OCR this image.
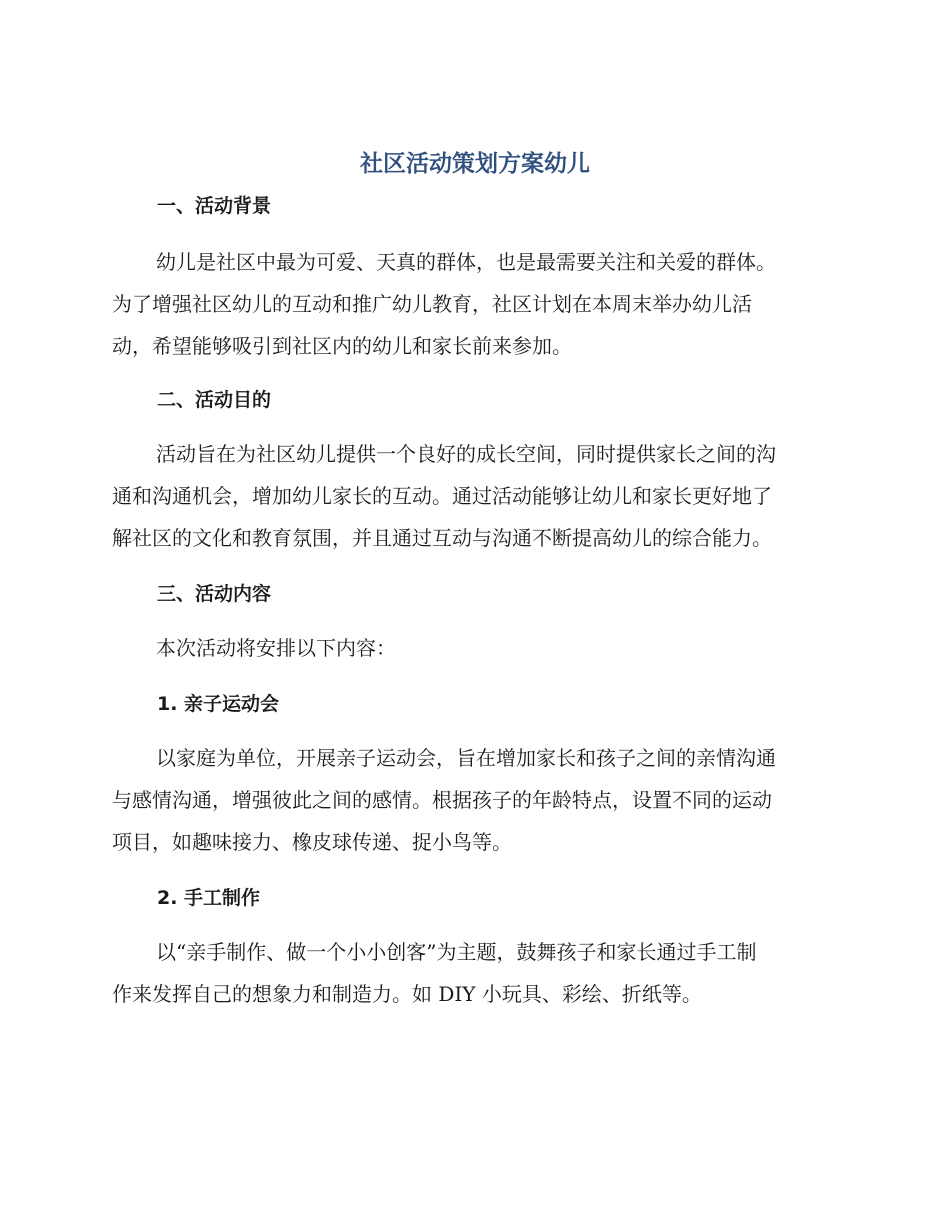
社区活动策划方案幼儿
一、活动背景

幼儿是社区中最为可爱、天真的群体，也是最需要关注和关爱的群体。
为了增强社区幼儿的互动和推广幼儿教育，社区计划在本周末举办幼儿活
动，希望能够吸引到社区内的幼儿和家长前来参加。

二、活动目的

活动旨在为社区幼儿提供一个良好的成长空间，同时提供家长之间的沟
通和沟通机会，增加幼儿家长的互动。通过活动能够让幼儿和家长更好地了
解社区的文化和教育氛围，并且通过互动与沟通不断提高幼儿的综合能力。

三、活动内容

本次活动将安排以下内容：

1. 亲子运动会

以家庭为单位，开展亲子运动会，旨在增加家长和孩子之间的亲情沟通
与感情沟通，增强彼此之间的感情。根据孩子的年龄特点，设置不同的运动
项目，如趣味接力、橡皮球传递、捉小鸟等。

2. 手工制作

以“亲手制作、做一个小小创客”为主题，鼓舞孩子和家长通过手工制
作来发挥自己的想象力和制造力。如 DIY 小玩具、彩绘、折纸等。
